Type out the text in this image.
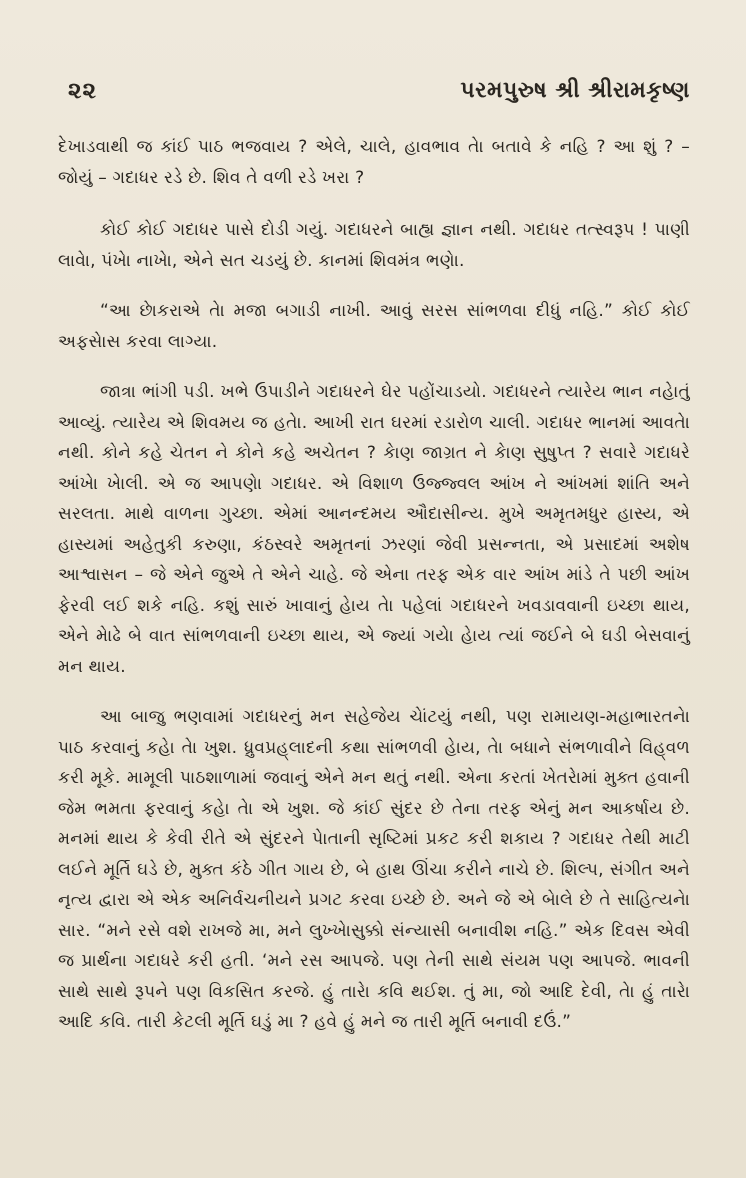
૨૨	પરમપુરુષ શ્રી શ્રીરામકૃષ્ણ

દેખાડવાથી જ કાંઈ પાઠ ભજવાય ? એલે, ચાલે, હાવભાવ તેા બતાવે કે નહિ ? આ શું ? – જોયું – ગદાધર રડે છે. શિવ તે વળી રડે ખરા ?

કોઈ કોઈ ગદાધર પાસે દોડી ગયું. ગદાધરને બાહ્ય જ્ઞાન નથી. ગદાધર તત્સ્વરૂપ ! પાણી લાવેા, પંખેા નાખેા, એને સત ચડયું છે. કાનમાં શિવમંત્ર ભણેા.

“આ છેાકરાએ તેા મજા બગાડી નાખી. આવું સરસ સાંભળવા દીધું નહિ.” કોઈ કોઈ અફસેાસ કરવા લાગ્યા.

જાત્રા ભાંગી પડી. ખભે ઉપાડીને ગદાધરને ઘેર પહોંચાડયો. ગદાધરને ત્યારેય ભાન નહેાતું આવ્યું. ત્યારેય એ શિવમય જ હતેા. આખી રાત ઘરમાં રડારોળ ચાલી. ગદાધર ભાનમાં આવતેા નથી. કોને કહે ચેતન ને કોને કહે અચેતન ? કેાણ જાગ્રત ને કેાણ સુષુપ્ત ? સવારે ગદાધરે આંખેા ખેાલી. એ જ આપણેા ગદાધર. એ વિશાળ ઉજ્જ્વલ આંખ ને આંખમાં શાંતિ અને સરલતા. માથે વાળના ગુચ્છા. એમાં આનન્દમય ઔદાસીન્ય. મુખે અમૃતમધુર હાસ્ય, એ હાસ્યમાં અહેતુકી કરુણા, કંઠસ્વરે અમૃતનાં ઝરણાં જેવી પ્રસન્નતા, એ પ્રસાદમાં અશેષ આશ્વાસન – જે એને જુએ તે એને ચાહે. જે એના તરફ એક વાર આંખ માંડે તે પછી આંખ ફેરવી લઈ શકે નહિ. કશું સારું ખાવાનું હેાય તેા પહેલાં ગદાધરને ખવડાવવાની ઇચ્છા થાય, એને મેાઢે બે વાત સાંભળવાની ઇચ્છા થાય, એ જ્યાં ગયેા હેાય ત્યાં જઈને બે ઘડી બેસવાનું મન થાય.

આ બાજુ ભણવામાં ગદાધરનું મન સહેજેય ચેાંટયું નથી, પણ રામાયણ-મહાભારતનેા પાઠ કરવાનું કહેા તેા ખુશ. ધ્રુવપ્રહ્‌લાદની કથા સાંભળવી હેાય, તેા બધાને સંભળાવીને વિહ્‌વળ કરી મૂકે. મામૂલી પાઠશાળામાં જવાનું એને મન થતું નથી. એના કરતાં ખેતરેામાં મુક્ત હવાની જેમ ભમતા ફરવાનું કહેા તેા એ ખુશ. જે કાંઈ સુંદર છે તેના તરફ એનું મન આકર્ષાય છે. મનમાં થાય કે કેવી રીતે એ સુંદરને પેાતાની સૃષ્ટિમાં પ્રકટ કરી શકાય ? ગદાધર તેથી માટી લઈને મૂર્તિ ઘડે છે, મુક્ત કંઠે ગીત ગાય છે, બે હાથ ઊંચા કરીને નાચે છે. શિલ્પ, સંગીત અને નૃત્ય દ્વારા એ એક અનિર્વચનીયને પ્રગટ કરવા ઇચ્છે છે. અને જે એ બેાલે છે તે સાહિત્યનેા સાર. “મને રસે વશે રાખજે મા, મને લુખ્ખેાસુક્કો સંન્યાસી બનાવીશ નહિ.” એક દિવસ એવી જ પ્રાર્થના ગદાધરે કરી હતી. ‘મને રસ આપજે. પણ તેની સાથે સંયમ પણ આપજે. ભાવની સાથે સાથે રૂપને પણ વિકસિત કરજે. હું તારેા કવિ થઈશ. તું મા, જો આદિ દેવી, તેા હું તારેા આદિ કવિ. તારી કેટલી મૂર્તિ ઘડું મા ? હવે હું મને જ તારી મૂર્તિ બનાવી દઉં.”
